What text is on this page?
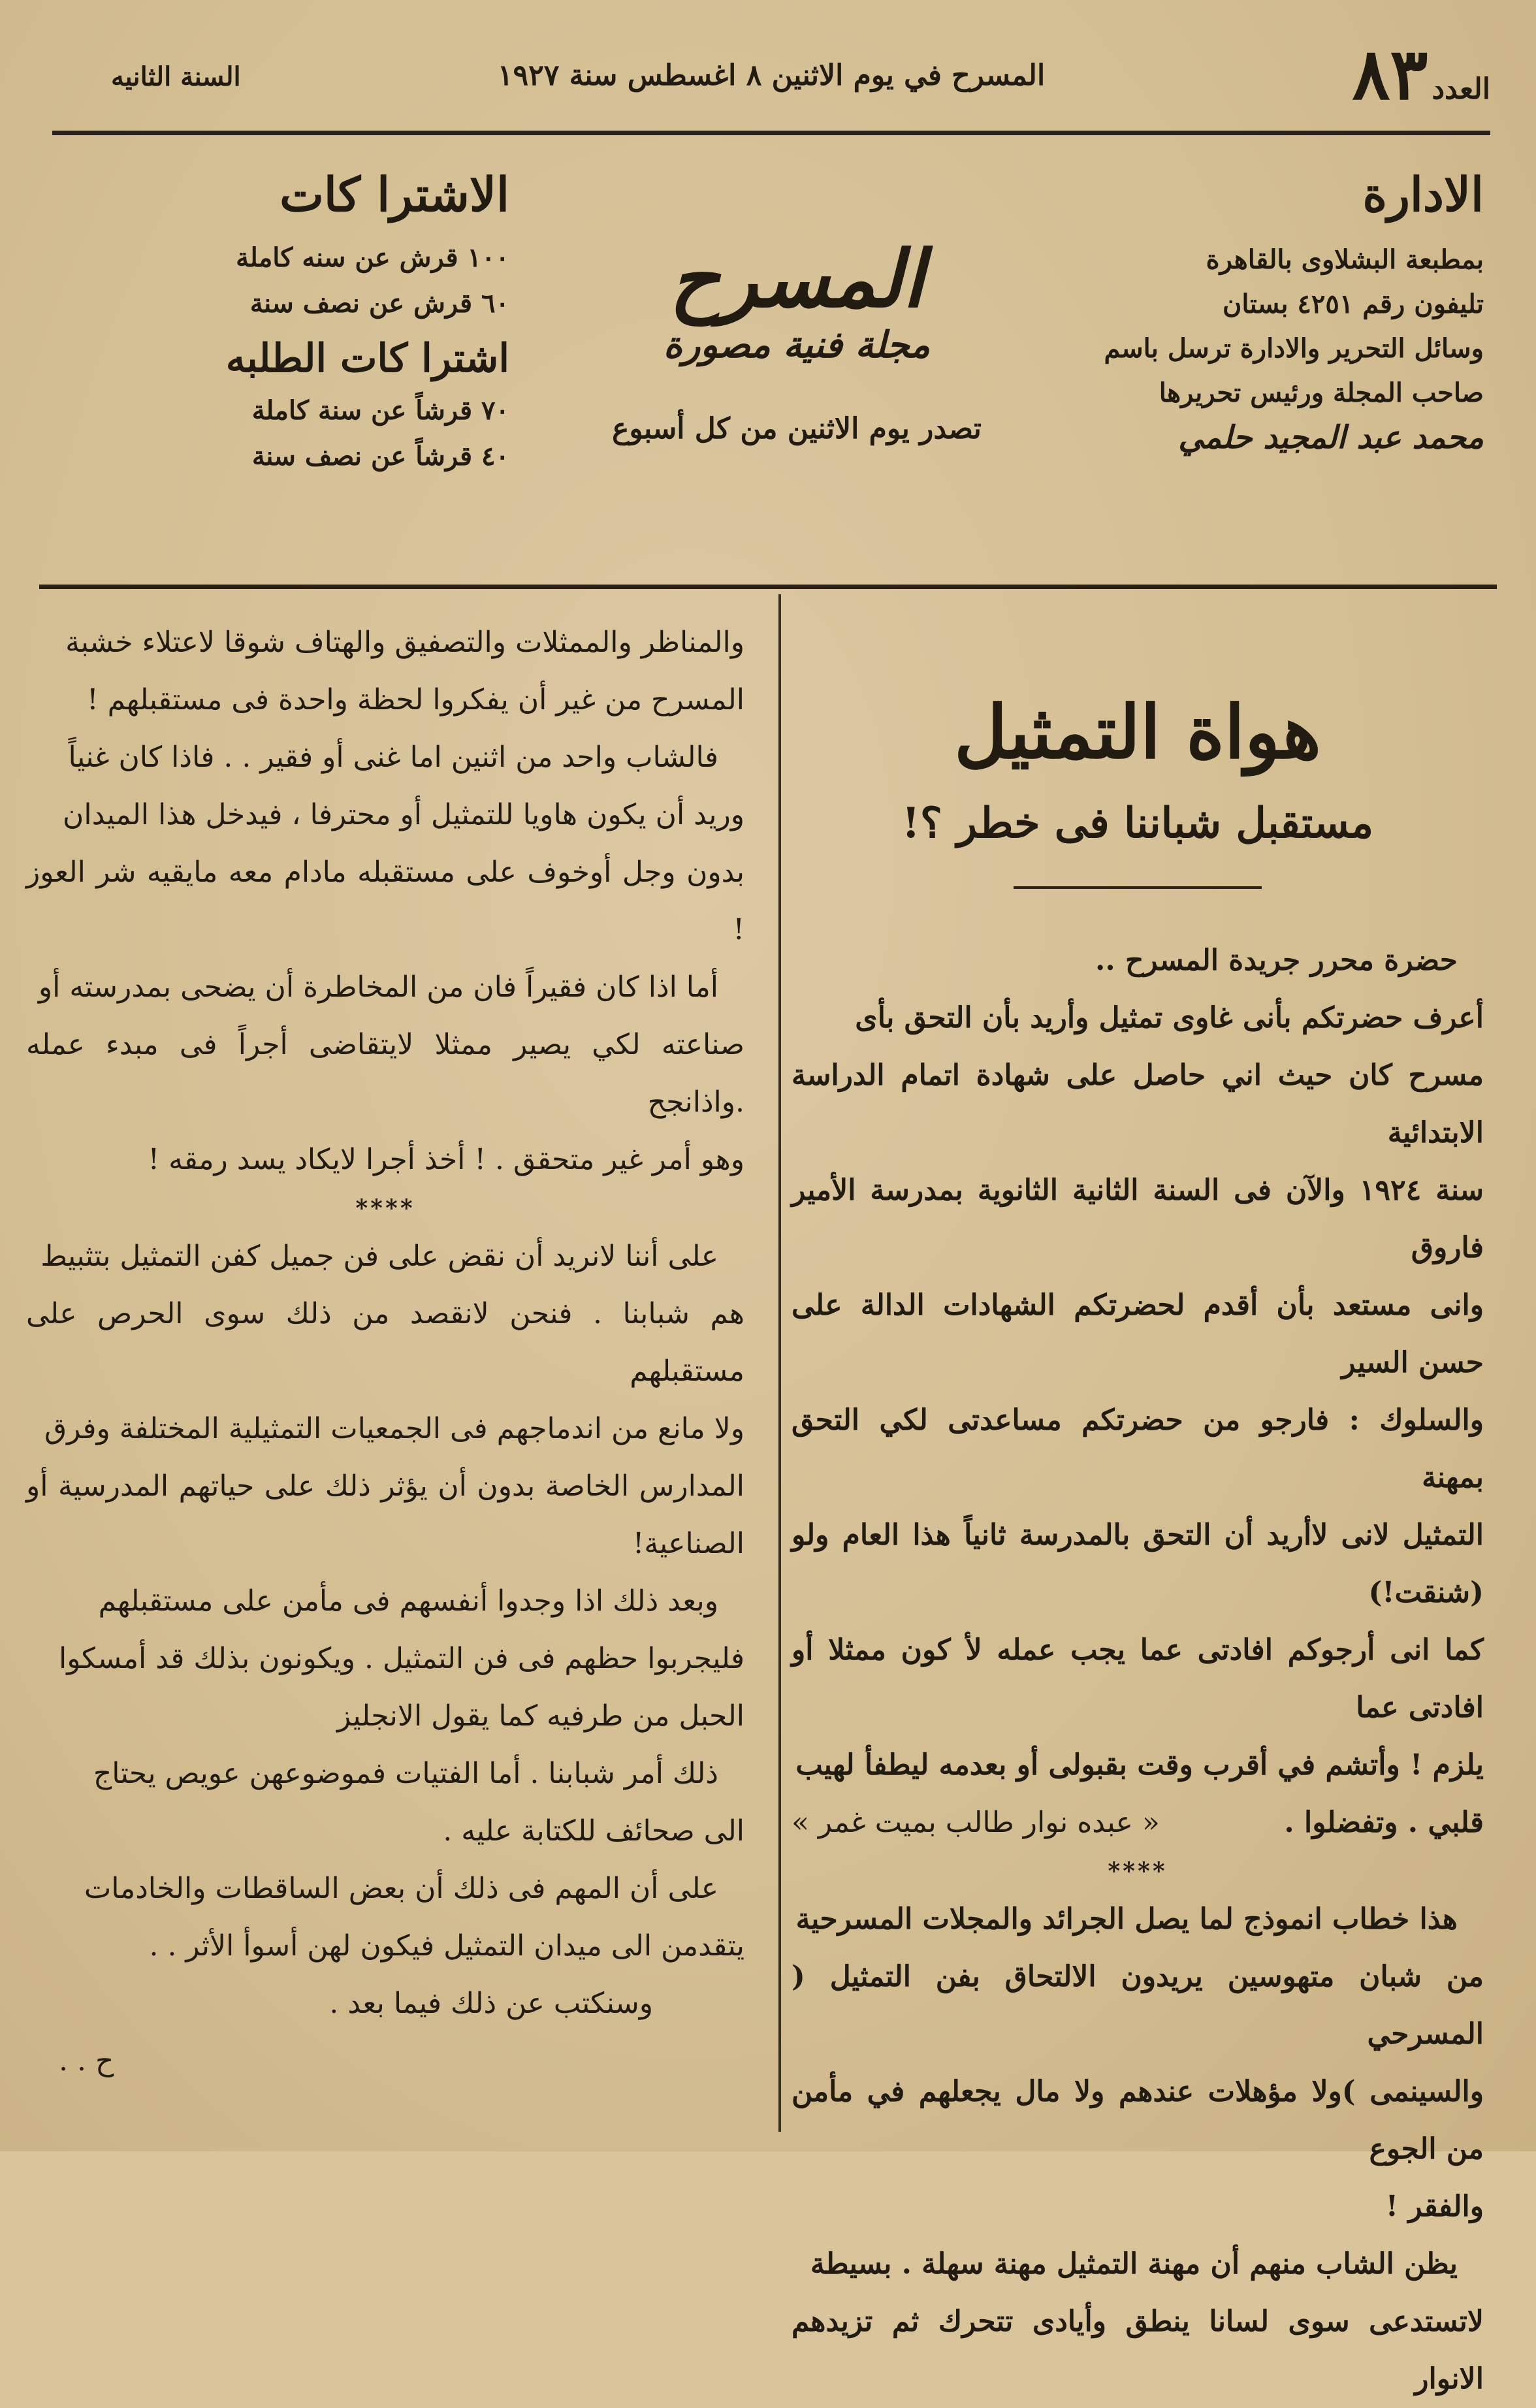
العدد
٨٣
المسرح في يوم الاثنين ٨ اغسطس سنة ١٩٢٧
السنة الثانيه
الادارة
بمطبعة البشلاوى بالقاهرة
تليفون رقم ٤٢٥١ بستان
وسائل التحرير والادارة ترسل باسم
صاحب المجلة ورئيس تحريرها
محمد عبد المجيد حلمي
المسرح
مجلة فنية مصورة
تصدر يوم الاثنين من كل أسبوع
الاشترا كات
١٠٠ قرش عن سنه كاملة
٦٠ قرش عن نصف سنة
اشترا كات الطلبه
٧٠ قرشاً عن سنة كاملة
٤٠ قرشاً عن نصف سنة
هواة التمثيل
مستقبل شباننا فى خطر ؟!

حضرة محرر جريدة المسرح ..

أعرف حضرتكم بأنى غاوى تمثيل وأريد بأن التحق بأى

مسرح كان حيث اني حاصل على شهادة اتمام الدراسة الابتدائية

سنة ١٩٢٤ والآن فى السنة الثانية الثانوية بمدرسة الأمير فاروق

وانى مستعد بأن أقدم لحضرتكم الشهادات الدالة على حسن السير

والسلوك : فارجو من حضرتكم مساعدتى لكي التحق بمهنة

التمثيل لانى لاأريد أن التحق بالمدرسة ثانياً هذا العام ولو (شنقت!)

كما انى أرجوكم افادتى عما يجب عمله لأ كون ممثلا أو افادتى عما

يلزم ! وأتشم في أقرب وقت بقبولى أو بعدمه ليطفأ لهيب

قلبي . وتفضلوا .

« عبده نوار طالب بميت غمر »

****

هذا خطاب انموذج لما يصل الجرائد والمجلات المسرحية

من شبان متهوسين يريدون الالتحاق بفن التمثيل ( المسرحي

والسينمى )ولا مؤهلات عندهم ولا مال يجعلهم في مأمن من الجوع

والفقر !

يظن الشاب منهم أن مهنة التمثيل مهنة سهلة . بسيطة

لاتستدعى سوى لسانا ينطق وأيادى تتحرك ثم تزيدهم الانوار

والمناظر والممثلات والتصفيق والهتاف شوقا لاعتلاء خشبة

المسرح من غير أن يفكروا لحظة واحدة فى مستقبلهم !

فالشاب واحد من اثنين اما غنى أو فقير . . فاذا كان غنياً

وريد أن يكون هاويا للتمثيل أو محترفا ، فيدخل هذا الميدان

بدون وجل أوخوف على مستقبله مادام معه مايقيه شر العوز !

أما اذا كان فقيراً فان من المخاطرة أن يضحى بمدرسته أو

صناعته لكي يصير ممثلا لايتقاضى أجراً فى مبدء عمله .واذانجح

وهو أمر غير متحقق . ! أخذ أجرا لايكاد يسد رمقه !

****

على أننا لانريد أن نقض على فن جميل كفن التمثيل بتثبيط

هم شبابنا . فنحن لانقصد من ذلك سوى الحرص على مستقبلهم

ولا مانع من اندماجهم فى الجمعيات التمثيلية المختلفة وفرق

المدارس الخاصة بدون أن يؤثر ذلك على حياتهم المدرسية أو الصناعية!

وبعد ذلك اذا وجدوا أنفسهم فى مأمن على مستقبلهم

فليجربوا حظهم فى فن التمثيل . ويكونون بذلك قد أمسكوا

الحبل من طرفيه كما يقول الانجليز

ذلك أمر شبابنا . أما الفتيات فموضوعهن عويص يحتاج

الى صحائف للكتابة عليه .

على أن المهم فى ذلك أن بعض الساقطات والخادمات

يتقدمن الى ميدان التمثيل فيكون لهن أسوأ الأثر . .

وسنكتب عن ذلك فيما بعد .

ح . .
